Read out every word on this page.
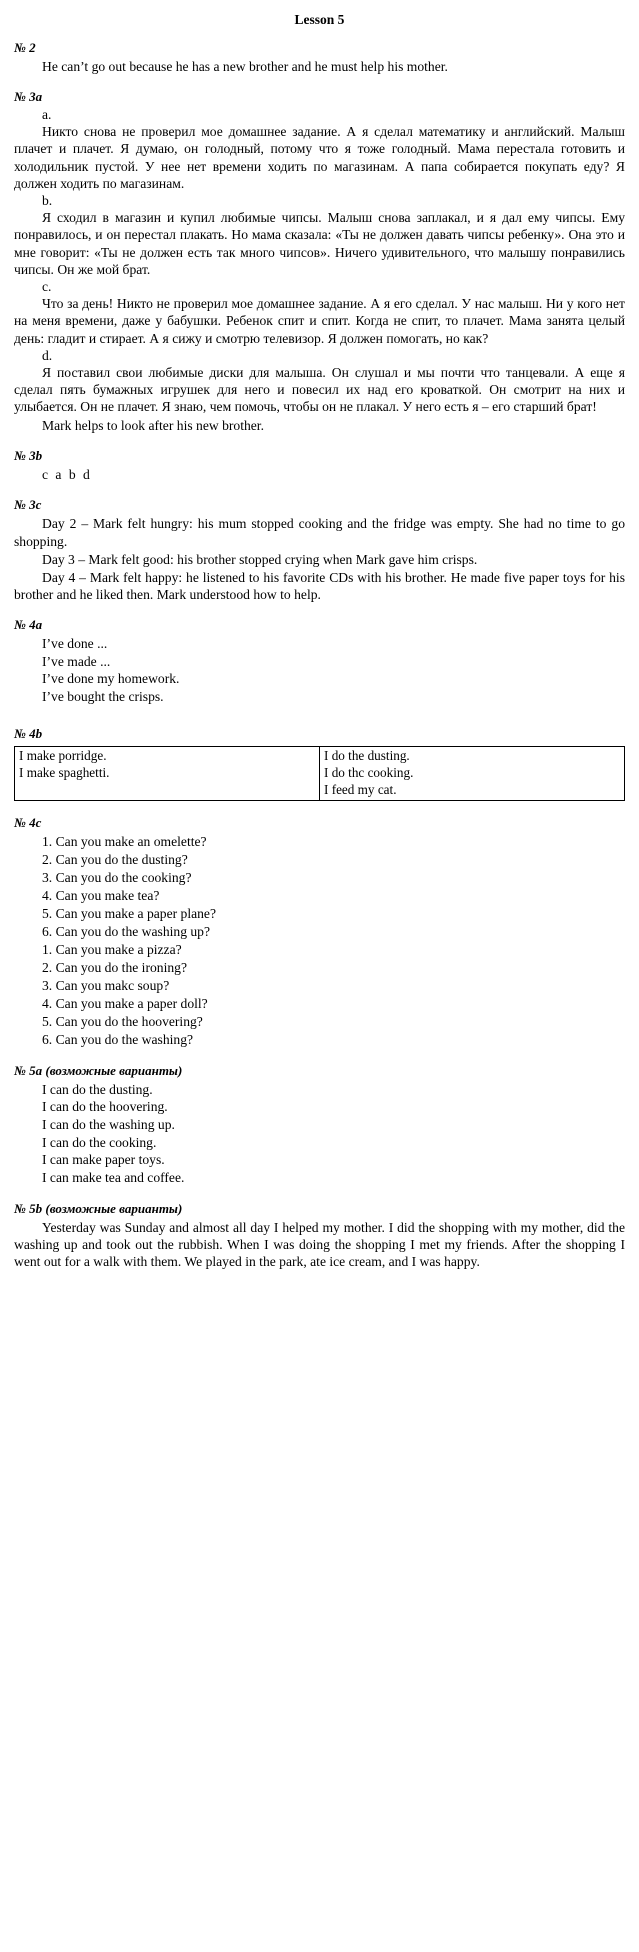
Lesson 5
№ 2

He can’t go out because he has a new brother and he must help his mother.

№ 3a

a.

Никто снова не проверил мое домашнее задание. А я сделал математику и английский. Малыш плачет и плачет. Я думаю, он голодный, потому что я тоже голодный. Мама перестала готовить и холодильник пустой. У нее нет времени ходить по магазинам. А папа собирается покупать еду? Я должен ходить по магазинам.

b.

Я сходил в магазин и купил любимые чипсы. Малыш снова заплакал, и я дал ему чипсы. Ему понравилось, и он перестал плакать. Но мама сказала: «Ты не должен давать чипсы ребенку». Она это и мне говорит: «Ты не должен есть так много чипсов». Ничего удивительного, что малышу понравились чипсы. Он же мой брат.

c.

Что за день! Никто не проверил мое домашнее задание. А я его сделал. У нас малыш. Ни у кого нет на меня времени, даже у бабушки. Ребенок спит и спит. Когда не спит, то плачет. Мама занята целый день: гладит и стирает. А я сижу и смотрю телевизор. Я должен помогать, но как?

d.

Я поставил свои любимые диски для малыша. Он слушал и мы почти что танцевали. А еще я сделал пять бумажных игрушек для него и повесил их над его кроваткой. Он смотрит на них и улыбается. Он не плачет. Я знаю, чем помочь, чтобы он не плакал. У него есть я – его старший брат!

Mark helps to look after his new brother.

№ 3b

c a b d

№ 3c

Day 2 – Mark felt hungry: his mum stopped cooking and the fridge was empty. She had no time to go shopping.

Day 3 – Mark felt good: his brother stopped crying when Mark gave him crisps.

Day 4 – Mark felt happy: he listened to his favorite CDs with his brother. He made five paper toys for his brother and he liked then. Mark understood how to help.

№ 4a

I’ve done ...

I’ve made ...

I’ve done my homework.

I’ve bought the crisps.

№ 4b
I make porridge.
I make spaghetti.

I do the dusting.
I do thc cooking.
I feed my cat.
№ 4c

1. Can you make an omelette?

2. Can you do the dusting?

3. Can you do the cooking?

4. Can you make tea?

5. Can you make a paper plane?

6. Can you do the washing up?

1. Can you make a pizza?

2. Can you do the ironing?

3. Can you makc soup?

4. Can you make a paper doll?

5. Can you do the hoovering?

6. Can you do the washing?

№ 5a (возможные варианты)

I can do the dusting.

I can do the hoovering.

I can do the washing up.

I can do the cooking.

I can make paper toys.

I can make tea and coffee.

№ 5b (возможные варианты)

Yesterday was Sunday and almost all day I helped my mother. I did the shopping with my mother, did the washing up and took out the rubbish. When I was doing the shopping I met my friends. After the shopping I went out for a walk with them. We played in the park, ate ice cream, and I was happy.
